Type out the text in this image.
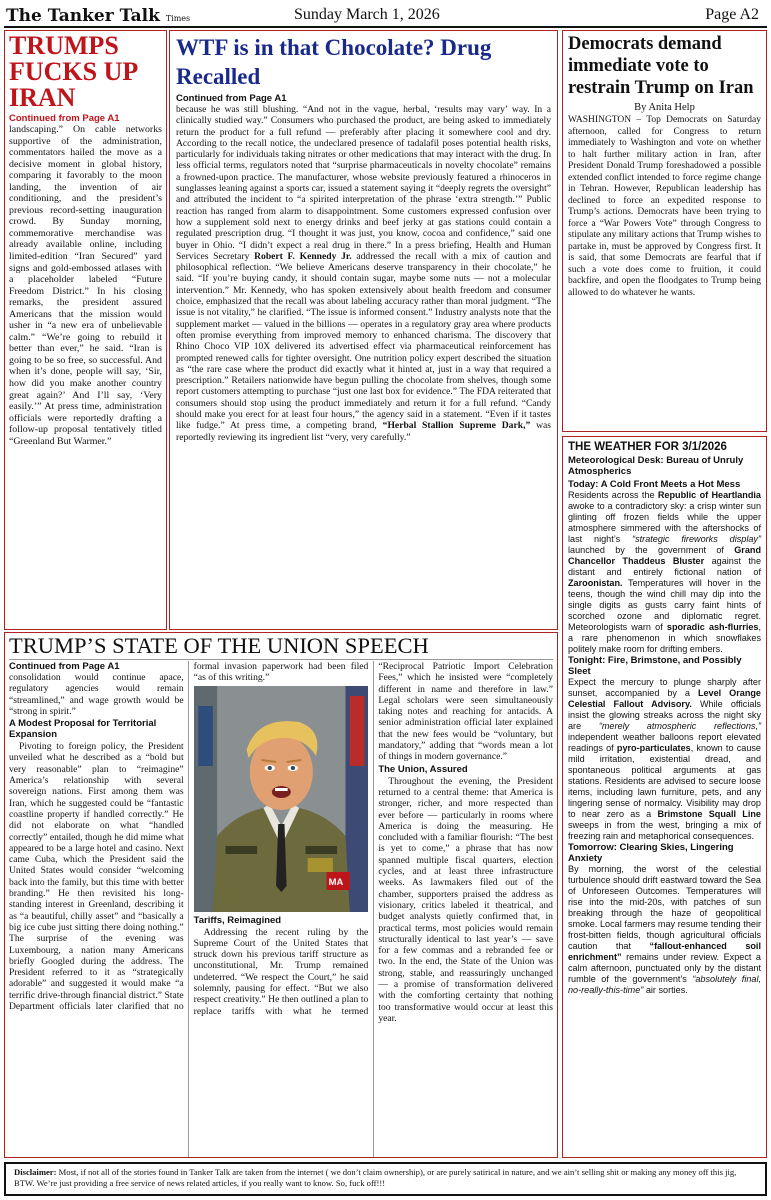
The Tanker Talk Times	Sunday March 1, 2026	Page A2
TRUMPS FUCKS UP IRAN
Continued from Page A1

landscaping.” On cable networks supportive of the administration, commentators hailed the move as a decisive moment in global history, comparing it favorably to the moon landing, the invention of air conditioning, and the president’s previous record-setting inauguration crowd. By Sunday morning, commemorative merchandise was already available online, including limited-edition “Iran Secured” yard signs and gold-embossed atlases with a placeholder labeled “Future Freedom District.” In his closing remarks, the president assured Americans that the mission would usher in “a new era of unbelievable calm.” “We’re going to rebuild it better than ever,” he said. “Iran is going to be so free, so successful. And when it’s done, people will say, ‘Sir, how did you make another country great again?’ And I’ll say, ‘Very easily.’” At press time, administration officials were reportedly drafting a follow-up proposal tentatively titled “Greenland But Warmer.”

WTF is in that Chocolate? Drug Recalled
Continued from Page A1

because he was still blushing. “And not in the vague, herbal, ‘results may vary’ way. In a clinically studied way.” Consumers who purchased the product, are being asked to immediately return the product for a full refund — preferably after placing it somewhere cool and dry. According to the recall notice, the undeclared presence of tadalafil poses potential health risks, particularly for individuals taking nitrates or other medications that may interact with the drug. In less official terms, regulators noted that “surprise pharmaceuticals in novelty chocolate” remains a frowned-upon practice. The manufacturer, whose website previously featured a rhinoceros in sunglasses leaning against a sports car, issued a statement saying it “deeply regrets the oversight” and attributed the incident to “a spirited interpretation of the phrase ‘extra strength.’” Public reaction has ranged from alarm to disappointment. Some customers expressed confusion over how a supplement sold next to energy drinks and beef jerky at gas stations could contain a regulated prescription drug. “I thought it was just, you know, cocoa and confidence,” said one buyer in Ohio. “I didn’t expect a real drug in there.” In a press briefing, Health and Human Services Secretary Robert F. Kennedy Jr. addressed the recall with a mix of caution and philosophical reflection. “We believe Americans deserve transparency in their chocolate,” he said. “If you’re buying candy, it should contain sugar, maybe some nuts — not a molecular intervention.” Mr. Kennedy, who has spoken extensively about health freedom and consumer choice, emphasized that the recall was about labeling accuracy rather than moral judgment. “The issue is not vitality,” he clarified. “The issue is informed consent.” Industry analysts note that the supplement market — valued in the billions — operates in a regulatory gray area where products often promise everything from improved memory to enhanced charisma. The discovery that Rhino Choco VIP 10X delivered its advertised effect via pharmaceutical reinforcement has prompted renewed calls for tighter oversight. One nutrition policy expert described the situation as “the rare case where the product did exactly what it hinted at, just in a way that required a prescription.” Retailers nationwide have begun pulling the chocolate from shelves, though some report customers attempting to purchase “just one last box for evidence.” The FDA reiterated that consumers should stop using the product immediately and return it for a full refund. “Candy should make you erect for at least four hours,” the agency said in a statement. “Even if it tastes like fudge.” At press time, a competing brand, “Herbal Stallion Supreme Dark,” was reportedly reviewing its ingredient list “very, very carefully.”

Democrats demand immediate vote to restrain Trump on Iran
By Anita Help

WASHINGTON – Top Democrats on Saturday afternoon, called for Congress to return immediately to Washington and vote on whether to halt further military action in Iran, after President Donald Trump foreshadowed a possible extended conflict intended to force regime change in Tehran. However, Republican leadership has declined to force an expedited response to Trump’s actions. Democrats have been trying to force a “War Powers Vote” through Congress to stipulate any military actions that Trump wishes to partake in, must be approved by Congress first. It is said, that some Democrats are fearful that if such a vote does come to fruition, it could backfire, and open the floodgates to Trump being allowed to do whatever he wants.

THE WEATHER FOR 3/1/2026
Meteorological Desk: Bureau of Unruly Atmospherics
Today: A Cold Front Meets a Hot Mess

Residents across the Republic of Heartlandia awoke to a contradictory sky: a crisp winter sun glinting off frozen fields while the upper atmosphere simmered with the aftershocks of last night’s “strategic fireworks display” launched by the government of Grand Chancellor Thaddeus Bluster against the distant and entirely fictional nation of Zaroonistan. Temperatures will hover in the teens, though the wind chill may dip into the single digits as gusts carry faint hints of scorched ozone and diplomatic regret. Meteorologists warn of sporadic ash-flurries, a rare phenomenon in which snowflakes politely make room for drifting embers.

Tonight: Fire, Brimstone, and Possibly Sleet

Expect the mercury to plunge sharply after sunset, accompanied by a Level Orange Celestial Fallout Advisory. While officials insist the glowing streaks across the night sky are “merely atmospheric reflections,” independent weather balloons report elevated readings of pyro-particulates, known to cause mild irritation, existential dread, and spontaneous political arguments at gas stations. Residents are advised to secure loose items, including lawn furniture, pets, and any lingering sense of normalcy. Visibility may drop to near zero as a Brimstone Squall Line sweeps in from the west, bringing a mix of freezing rain and metaphorical consequences.

Tomorrow: Clearing Skies, Lingering Anxiety

By morning, the worst of the celestial turbulence should drift eastward toward the Sea of Unforeseen Outcomes. Temperatures will rise into the mid-20s, with patches of sun breaking through the haze of geopolitical smoke. Local farmers may resume tending their frost-bitten fields, though agricultural officials caution that “fallout-enhanced soil enrichment” remains under review. Expect a calm afternoon, punctuated only by the distant rumble of the government’s “absolutely final, no-really-this-time” air sorties.

TRUMP’S STATE OF THE UNION SPEECH
Continued from Page A1

consolidation would continue apace, regulatory agencies would remain “streamlined,” and wage growth would be “strong in spirit.”

A Modest Proposal for Territorial Expansion

Pivoting to foreign policy, the President unveiled what he described as a “bold but very reasonable” plan to “reimagine” America’s relationship with several sovereign nations. First among them was Iran, which he suggested could be “fantastic coastline property if handled correctly.” He did not elaborate on what “handled correctly” entailed, though he did mime what appeared to be a large hotel and casino. Next came Cuba, which the President said the United States would consider “welcoming back into the family, but this time with better branding.” He then revisited his long-standing interest in Greenland, describing it as “a beautiful, chilly asset” and “basically a big ice cube just sitting there doing nothing.” The surprise of the evening was Luxembourg, a nation many Americans briefly Googled during the address. The President referred to it as “strategically adorable” and suggested it would make “a terrific drive-through financial district.” State Department officials later clarified that no formal invasion paperwork had been filed “as of this writing.”

MA
Tariffs, Reimagined

Addressing the recent ruling by the Supreme Court of the United States that struck down his previous tariff structure as unconstitutional, Mr. Trump remained undeterred. “We respect the Court,” he said solemnly, pausing for effect. “But we also respect creativity.” He then outlined a plan to replace tariffs with what he termed “Reciprocal Patriotic Import Celebration Fees,” which he insisted were “completely different in name and therefore in law.” Legal scholars were seen simultaneously taking notes and reaching for antacids. A senior administration official later explained that the new fees would be “voluntary, but mandatory,” adding that “words mean a lot of things in modern governance.”

The Union, Assured

Throughout the evening, the President returned to a central theme: that America is stronger, richer, and more respected than ever before — particularly in rooms where America is doing the measuring. He concluded with a familiar flourish: “The best is yet to come,” a phrase that has now spanned multiple fiscal quarters, election cycles, and at least three infrastructure weeks. As lawmakers filed out of the chamber, supporters praised the address as visionary, critics labeled it theatrical, and budget analysts quietly confirmed that, in practical terms, most policies would remain structurally identical to last year’s — save for a few commas and a rebranded fee or two. In the end, the State of the Union was strong, stable, and reassuringly unchanged — a promise of transformation delivered with the comforting certainty that nothing too transformative would occur at least this year.

Disclaimer: Most, if not all of the stories found in Tanker Talk are taken from the internet ( we don’t claim ownership), or are purely satirical in nature, and we ain’t selling shit or making any money off this jig, BTW. We’re just providing a free service of news related articles, if you really want to know. So, fuck off!!!
